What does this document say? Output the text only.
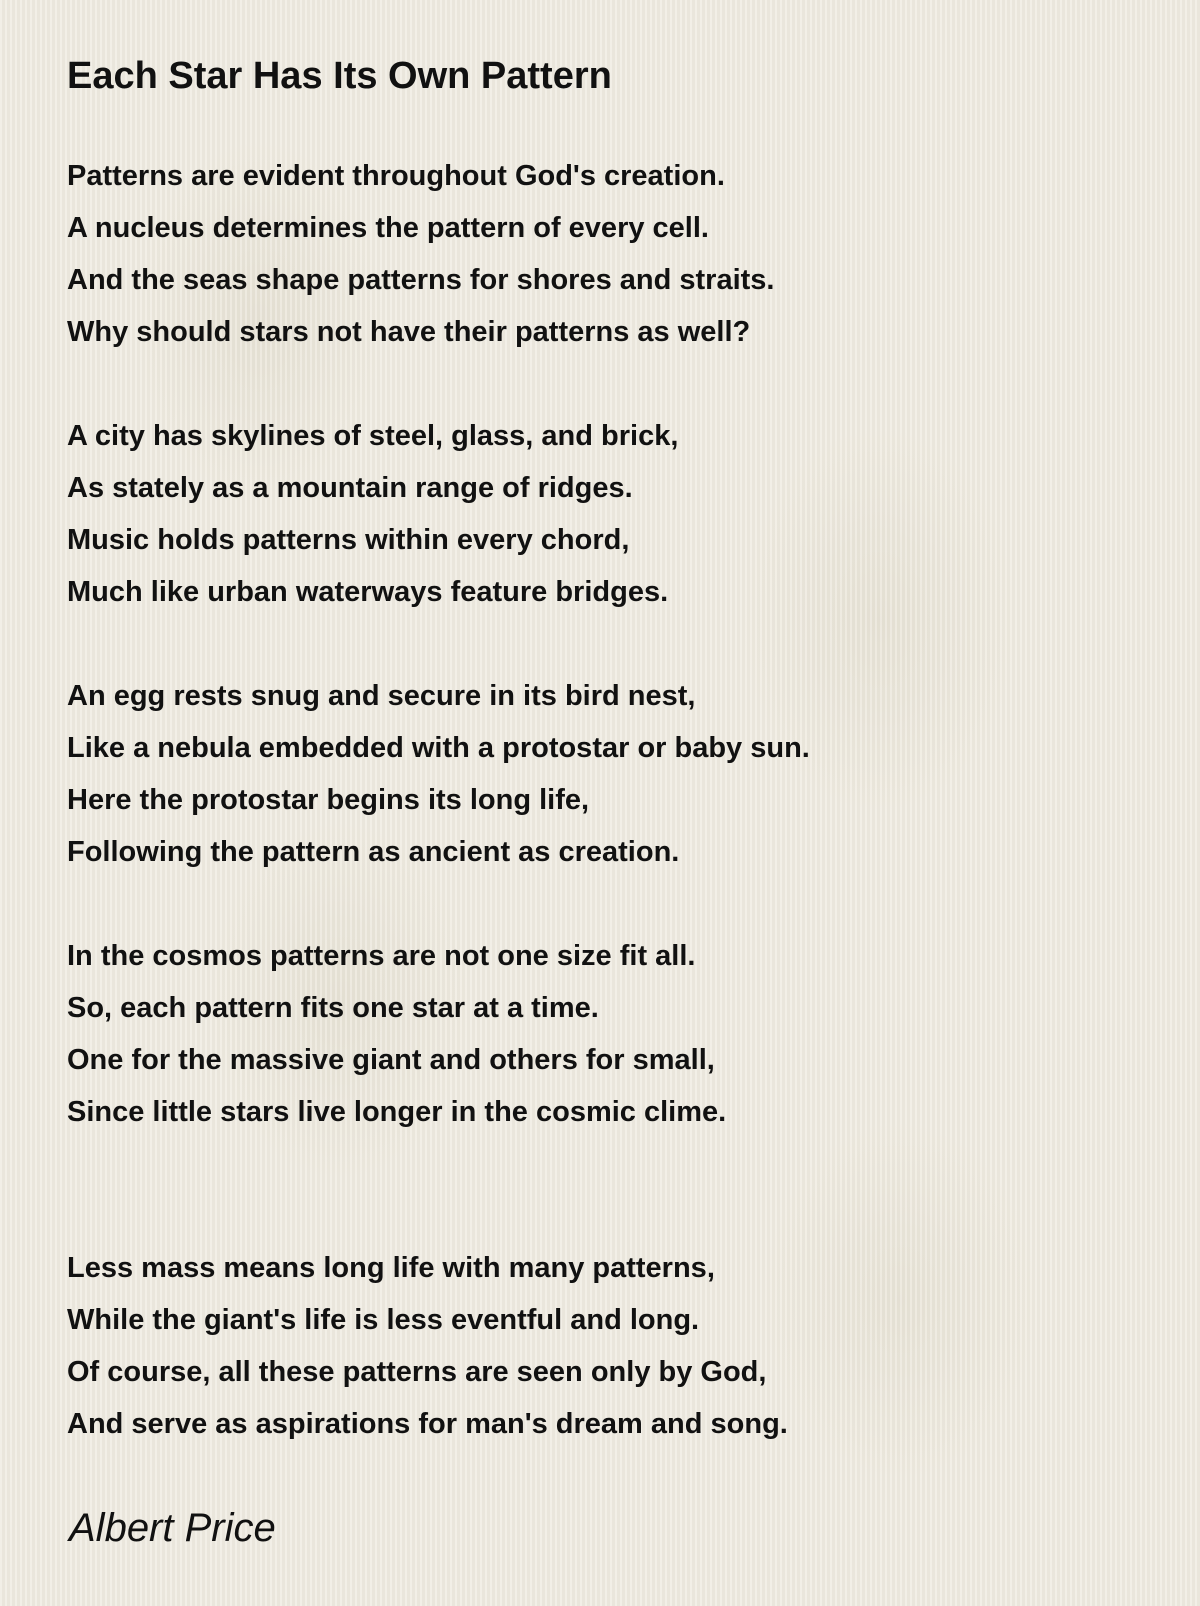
Each Star Has Its Own Pattern

Patterns are evident throughout God's creation.
A nucleus determines the pattern of every cell.
And the seas shape patterns for shores and straits.
Why should stars not have their patterns as well?

A city has skylines of steel, glass, and brick,
As stately as a mountain range of ridges.
Music holds patterns within every chord,
Much like urban waterways feature bridges.

An egg rests snug and secure in its bird nest,
Like a nebula embedded with a protostar or baby sun.
Here the protostar begins its long life,
Following the pattern as ancient as creation.

In the cosmos patterns are not one size fit all.
So, each pattern fits one star at a time.
One for the massive giant and others for small,
Since little stars live longer in the cosmic clime.

Less mass means long life with many patterns,
While the giant's life is less eventful and long.
Of course, all these patterns are seen only by God,
And serve as aspirations for man's dream and song.

Albert Price
